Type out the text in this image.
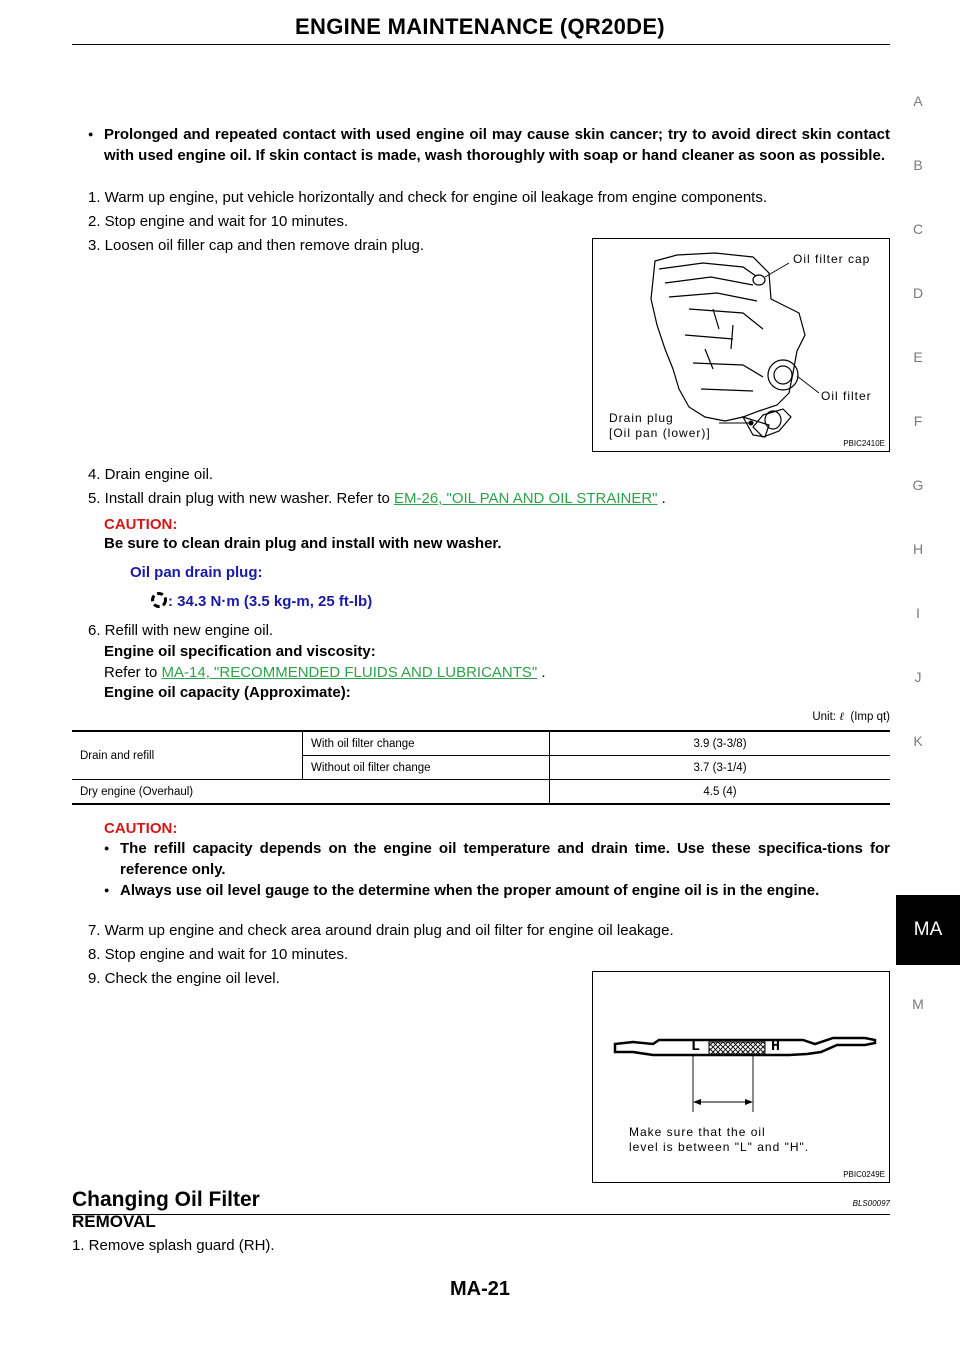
ENGINE MAINTENANCE (QR20DE)
A
B
C
D
E
F
G
H
I
J
K
MA
M
● Prolonged and repeated contact with used engine oil may cause skin cancer; try to avoid direct skin contact with used engine oil. If skin contact is made, wash thoroughly with soap or hand cleaner as soon as possible.
1. Warm up engine, put vehicle horizontally and check for engine oil leakage from engine components.
2. Stop engine and wait for 10 minutes.
3. Loosen oil filler cap and then remove drain plug.
Oil filter cap
Oil filter
Drain plug
[Oil pan (lower)]
PBIC2410E
4. Drain engine oil.
5. Install drain plug with new washer. Refer to EM-26, "OIL PAN AND OIL STRAINER" .
CAUTION:
Be sure to clean drain plug and install with new washer.
Oil pan drain plug:
: 34.3 N·m (3.5 kg-m, 25 ft-lb)
6. Refill with new engine oil.
Engine oil specification and viscosity:
Refer to MA-14, "RECOMMENDED FLUIDS AND LUBRICANTS" .
Engine oil capacity (Approximate):
Unit: ℓ (Imp qt)
Drain and refill	With oil filter change	3.9 (3-3/8)
	Without oil filter change	3.7 (3-1/4)
Dry engine (Overhaul)		4.5 (4)
CAUTION:
● The refill capacity depends on the engine oil temperature and drain time. Use these specifica-tions for reference only.
● Always use oil level gauge to the determine when the proper amount of engine oil is in the engine.
7. Warm up engine and check area around drain plug and oil filter for engine oil leakage.
8. Stop engine and wait for 10 minutes.
9. Check the engine oil level.
L	H
Make sure that the oil
level is between "L" and "H".
PBIC0249E
Changing Oil Filter	BLS00097
REMOVAL
1. Remove splash guard (RH).
MA-21
